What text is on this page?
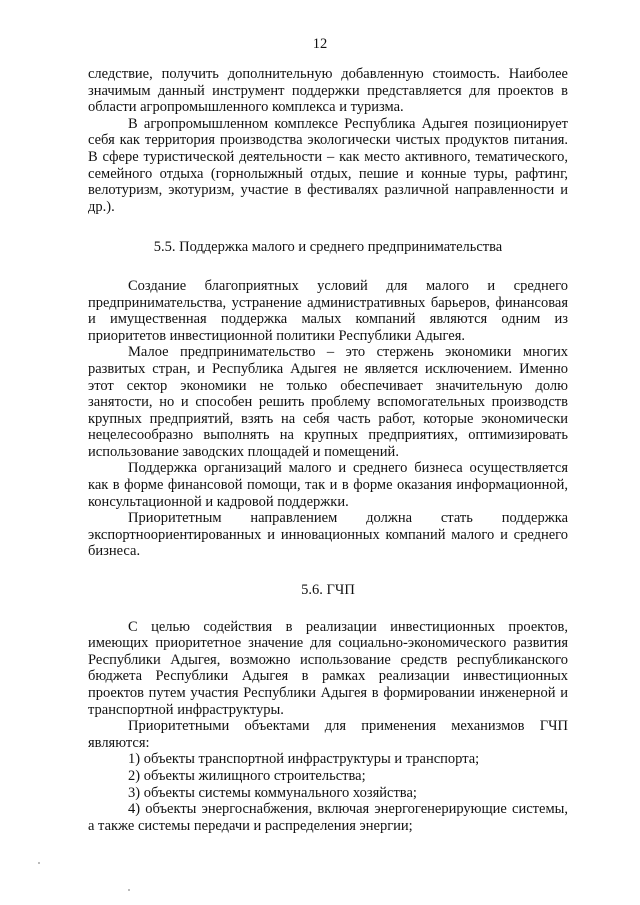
12

следствие, получить дополнительную добавленную стоимость. Наиболее значимым данный инструмент поддержки представляется для проектов в области агропромышленного комплекса и туризма.

В агропромышленном комплексе Республика Адыгея позиционирует себя как территория производства экологически чистых продуктов питания. В сфере туристической деятельности – как место активного, тематического, семейного отдыха (горнолыжный отдых, пешие и конные туры, рафтинг, велотуризм, экотуризм, участие в фестивалях различной направленности и др.).

5.5. Поддержка малого и среднего предпринимательства

Создание благоприятных условий для малого и среднего предпринимательства, устранение административных барьеров, финансовая и имущественная поддержка малых компаний являются одним из приоритетов инвестиционной политики Республики Адыгея.

Малое предпринимательство – это стержень экономики многих развитых стран, и Республика Адыгея не является исключением. Именно этот сектор экономики не только обеспечивает значительную долю занятости, но и способен решить проблему вспомогательных производств крупных предприятий, взять на себя часть работ, которые экономически нецелесообразно выполнять на крупных предприятиях, оптимизировать использование заводских площадей и помещений.

Поддержка организаций малого и среднего бизнеса осуществляется как в форме финансовой помощи, так и в форме оказания информационной, консультационной и кадровой поддержки.

Приоритетным направлением должна стать поддержка экспортноориентированных и инновационных компаний малого и среднего бизнеса.

5.6. ГЧП

С целью содействия в реализации инвестиционных проектов, имеющих приоритетное значение для социально-экономического развития Республики Адыгея, возможно использование средств республиканского бюджета Республики Адыгея в рамках реализации инвестиционных проектов путем участия Республики Адыгея в формировании инженерной и транспортной инфраструктуры.

Приоритетными объектами для применения механизмов ГЧП являются:

1) объекты транспортной инфраструктуры и транспорта;

2) объекты жилищного строительства;

3) объекты системы коммунального хозяйства;

4) объекты энергоснабжения, включая энергогенерирующие системы, а также системы передачи и распределения энергии;
